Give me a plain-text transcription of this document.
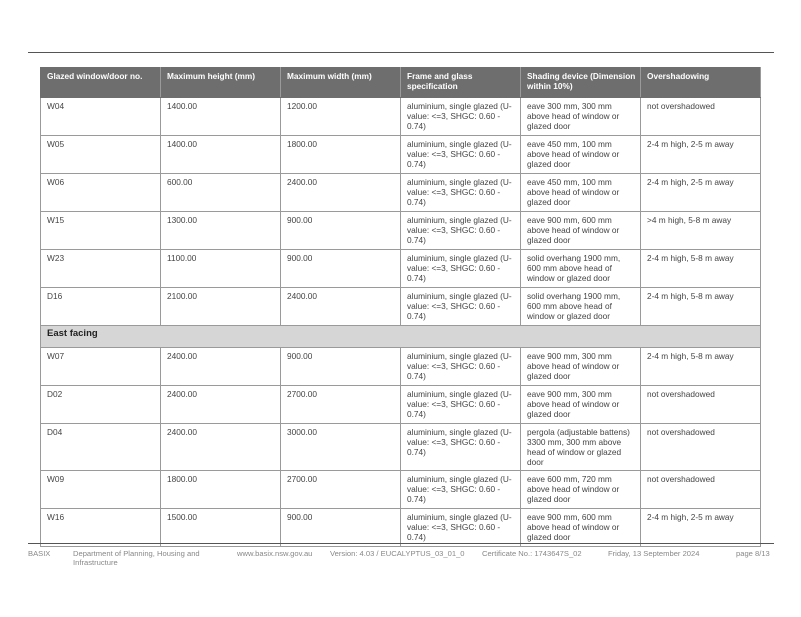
Glazed window/door no.	Maximum height (mm)	Maximum width (mm)	Frame and glass specification	Shading device (Dimension within 10%)	Overshadowing
W04	1400.00	1200.00	aluminium, single glazed (U-
value: <=3, SHGC: 0.60 -
0.74)	eave 300 mm, 300 mm
above head of window or
glazed door	not overshadowed
W05	1400.00	1800.00	aluminium, single glazed (U-
value: <=3, SHGC: 0.60 -
0.74)	eave 450 mm, 100 mm
above head of window or
glazed door	2-4 m high, 2-5 m away
W06	600.00	2400.00	aluminium, single glazed (U-
value: <=3, SHGC: 0.60 -
0.74)	eave 450 mm, 100 mm
above head of window or
glazed door	2-4 m high, 2-5 m away
W15	1300.00	900.00	aluminium, single glazed (U-
value: <=3, SHGC: 0.60 -
0.74)	eave 900 mm, 600 mm
above head of window or
glazed door	>4 m high, 5-8 m away
W23	1100.00	900.00	aluminium, single glazed (U-
value: <=3, SHGC: 0.60 -
0.74)	solid overhang 1900 mm,
600 mm above head of
window or glazed door	2-4 m high, 5-8 m away
D16	2100.00	2400.00	aluminium, single glazed (U-
value: <=3, SHGC: 0.60 -
0.74)	solid overhang 1900 mm,
600 mm above head of
window or glazed door	2-4 m high, 5-8 m away
East facing					
W07	2400.00	900.00	aluminium, single glazed (U-
value: <=3, SHGC: 0.60 -
0.74)	eave 900 mm, 300 mm
above head of window or
glazed door	2-4 m high, 5-8 m away
D02	2400.00	2700.00	aluminium, single glazed (U-
value: <=3, SHGC: 0.60 -
0.74)	eave 900 mm, 300 mm
above head of window or
glazed door	not overshadowed
D04	2400.00	3000.00	aluminium, single glazed (U-
value: <=3, SHGC: 0.60 -
0.74)	pergola (adjustable battens)
3300 mm, 300 mm above
head of window or glazed
door	not overshadowed
W09	1800.00	2700.00	aluminium, single glazed (U-
value: <=3, SHGC: 0.60 -
0.74)	eave 600 mm, 720 mm
above head of window or
glazed door	not overshadowed
W16	1500.00	900.00	aluminium, single glazed (U-
value: <=3, SHGC: 0.60 -
0.74)	eave 900 mm, 600 mm
above head of window or
glazed door	2-4 m high, 2-5 m away
BASIX	Department of Planning, Housing and
Infrastructure
www.basix.nsw.gov.au Version: 4.03 / EUCALYPTUS_03_01_0 Certificate No.: 1743647S_02	Friday, 13 September 2024	page 8/13
